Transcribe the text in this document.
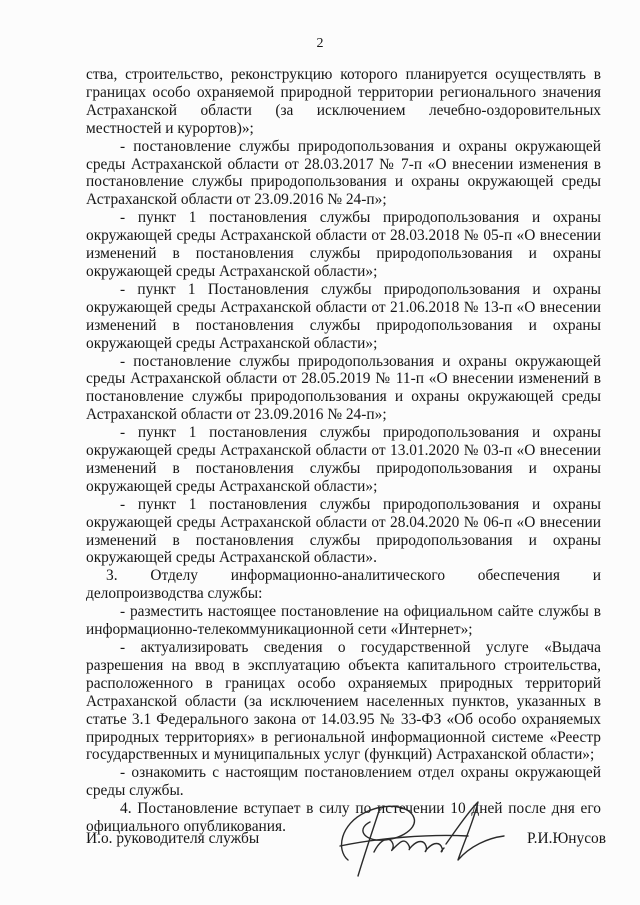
2

ства, строительство, реконструкцию которого планируется осуществлять в границах особо охраняемой природной территории регионального значения Астраханской области (за исключением лечебно-оздоровительных местностей и курортов)»;

- постановление службы природопользования и охраны окружающей среды Астраханской области от 28.03.2017 № 7-п «О внесении изменения в постановление службы природопользования и охраны окружающей среды Астраханской области от 23.09.2016 № 24-п»;

- пункт 1 постановления службы природопользования и охраны окружающей среды Астраханской области от 28.03.2018 № 05-п «О внесении изменений в постановления службы природопользования и охраны окружающей среды Астраханской области»;

- пункт 1 Постановления службы природопользования и охраны окружающей среды Астраханской области от 21.06.2018 № 13-п «О внесении изменений в постановления службы природопользования и охраны окружающей среды Астраханской области»;

- постановление службы природопользования и охраны окружающей среды Астраханской области от 28.05.2019 № 11-п «О внесении изменений в постановление службы природопользования и охраны окружающей среды Астраханской области от 23.09.2016 № 24-п»;

- пункт 1 постановления службы природопользования и охраны окружающей среды Астраханской области от 13.01.2020 № 03-п «О внесении изменений в постановления службы природопользования и охраны окружающей среды Астраханской области»;

- пункт 1 постановления службы природопользования и охраны окружающей среды Астраханской области от 28.04.2020 № 06-п «О внесении изменений в постановления службы природопользования и охраны окружающей среды Астраханской области».

3. Отделу информационно-аналитического обеспечения и делопроизводства службы:

- разместить настоящее постановление на официальном сайте службы в информационно-телекоммуникационной сети «Интернет»;

- актуализировать сведения о государственной услуге «Выдача разрешения на ввод в эксплуатацию объекта капитального строительства, расположенного в границах особо охраняемых природных территорий Астраханской области (за исключением населенных пунктов, указанных в статье 3.1 Федерального закона от 14.03.95 № 33-ФЗ «Об особо охраняемых природных территориях» в региональной информационной системе «Реестр государственных и муниципальных услуг (функций) Астраханской области»;

- ознакомить с настоящим постановлением отдел охраны окружающей среды службы.

4. Постановление вступает в силу по истечении 10 дней после дня его официального опубликования.

И.о. руководителя службы	Р.И.Юнусов
